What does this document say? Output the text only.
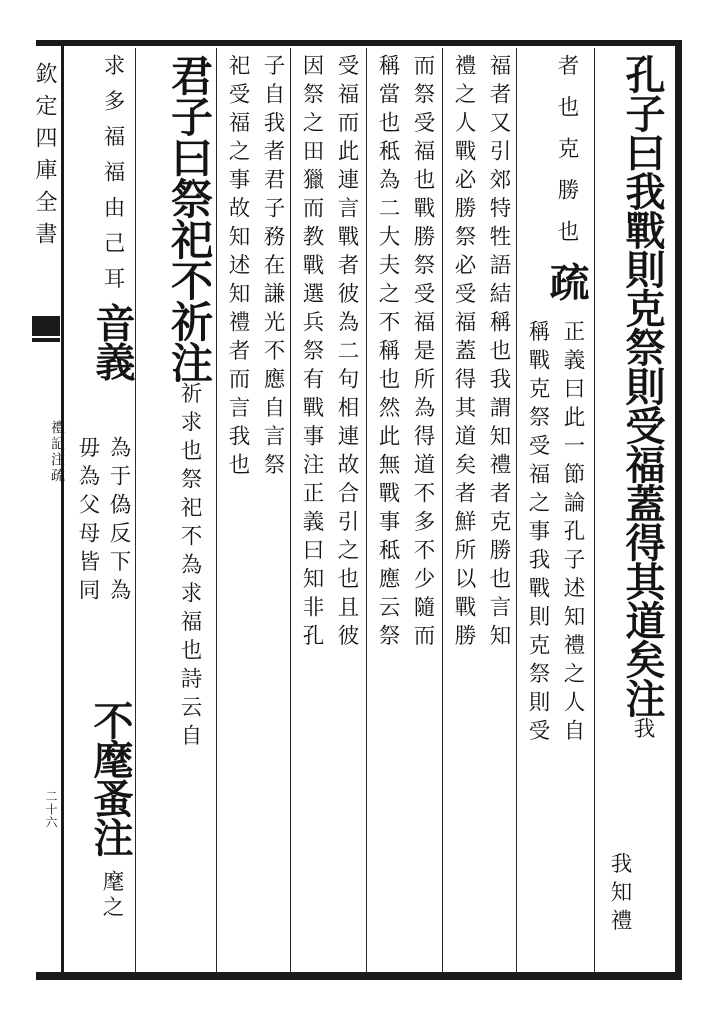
欽定四庫全書
禮記注疏
二十六
孔子曰我戰則克祭則受福蓋得其道矣注我
我知禮
者也克勝也疏
正義曰此一節論孔子述知禮之人自
稱戰克祭受福之事我戰則克祭則受
福者又引郊特牲語結稱也我謂知禮者克勝也言知
禮之人戰必勝祭必受福蓋得其道矣者鮮所以戰勝
而祭受福也戰勝祭受福是所為得道不多不少隨而
稱當也秪為二大夫之不稱也然此無戰事秪應云祭
受福而此連言戰者彼為二句相連故合引之也且彼
因祭之田獵而教戰選兵祭有戰事注正義曰知非孔
子自我者君子務在謙光不應自言祭
祀受福之事故知述知禮者而言我也
君子曰祭祀不祈注祈求也祭祀不為求福也詩云自
求多福福由己耳音義
為于偽反下為
毋為父母皆同
不麾蚤注
麾之
